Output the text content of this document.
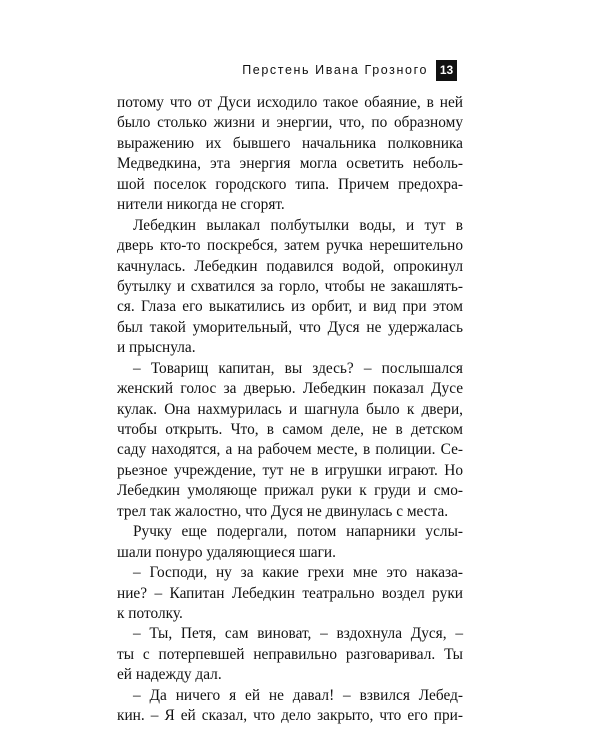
Перстень Ивана Грозного 13
потому что от Дуси исходило такое обаяние, в ней
было столько жизни и энергии, что, по образному
выражению их бывшего начальника полковника
Медведкина, эта энергия могла осветить неболь-
шой поселок городского типа. Причем предохра-
нители никогда не сгорят.
Лебедкин вылакал полбутылки воды, и тут в
дверь кто-то поскребся, затем ручка нерешительно
качнулась. Лебедкин подавился водой, опрокинул
бутылку и схватился за горло, чтобы не закашлять-
ся. Глаза его выкатились из орбит, и вид при этом
был такой уморительный, что Дуся не удержалась
и прыснула.
– Товарищ капитан, вы здесь? – послышался
женский голос за дверью. Лебедкин показал Дусе
кулак. Она нахмурилась и шагнула было к двери,
чтобы открыть. Что, в самом деле, не в детском
саду находятся, а на рабочем месте, в полиции. Се-
рьезное учреждение, тут не в игрушки играют. Но
Лебедкин умоляюще прижал руки к груди и смо-
трел так жалостно, что Дуся не двинулась с места.
Ручку еще подергали, потом напарники услы-
шали понуро удаляющиеся шаги.
– Господи, ну за какие грехи мне это наказа-
ние? – Капитан Лебедкин театрально воздел руки
к потолку.
– Ты, Петя, сам виноват, – вздохнула Дуся, –
ты с потерпевшей неправильно разговаривал. Ты
ей надежду дал.
– Да ничего я ей не давал! – взвился Лебед-
кин. – Я ей сказал, что дело закрыто, что его при-
